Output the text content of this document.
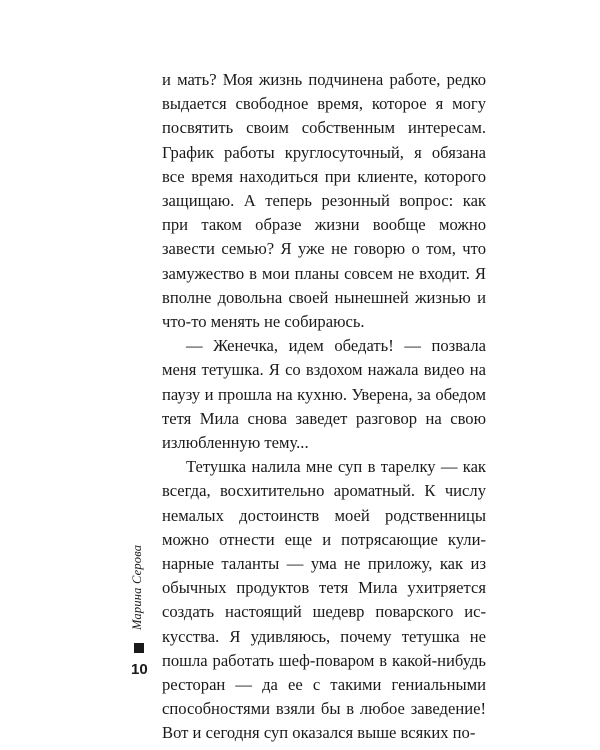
и мать? Моя жизнь подчинена работе, редко выдается свободное время, которое я могу посвятить своим собственным интересам. График работы круглосуточный, я обязана все время находиться при клиенте, которого защищаю. А теперь резонный вопрос: как при таком образе жизни вообще можно завести семью? Я уже не говорю о том, что замужество в мои планы совсем не входит. Я вполне довольна своей нынешней жизнью и что-то менять не собираюсь.

— Женечка, идем обедать! — позвала меня тетушка. Я со вздохом нажала видео на паузу и прошла на кухню. Уверена, за обедом тетя Мила снова заведет разговор на свою излюбленную тему...

Тетушка налила мне суп в тарелку — как всегда, восхитительно ароматный. К числу немалых достоинств моей родственницы можно отнести еще и потрясающие кулинарные таланты — ума не приложу, как из обычных продуктов тетя Мила ухитряется создать настоящий шедевр поварского искусства. Я удивляюсь, почему тетушка не пошла работать шеф-поваром в какой-нибудь ресторан — да ее с такими гениальными способностями взяли бы в любое заведение! Вот и сегодня суп оказался выше всяких по-

Марина Серова
10
